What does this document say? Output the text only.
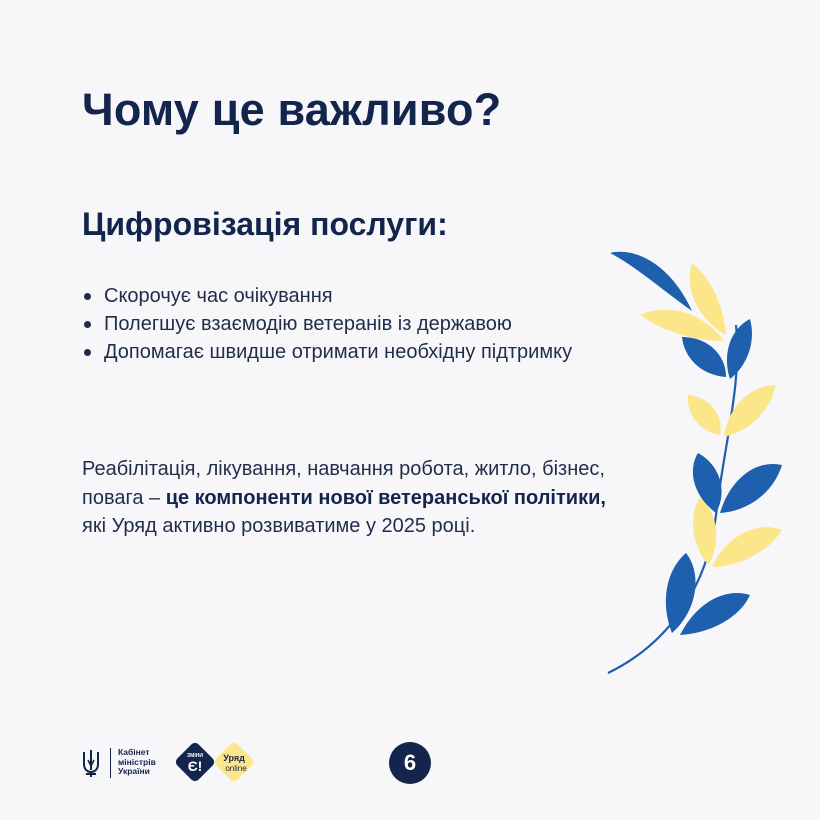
Чому це важливо?
Цифровізація послуги:
Скорочує час очікування
Полегшує взаємодію ветеранів із державою
Допомагає швидше отримати необхідну підтримку

Реабілітація, лікування, навчання робота, житло, бізнес, повага – це компоненти нової ветеранської політики, які Уряд активно розвиватиме у 2025 році.

Кабінет
міністрів
України
ЗМІНИ
Є! Уряд
online	6
